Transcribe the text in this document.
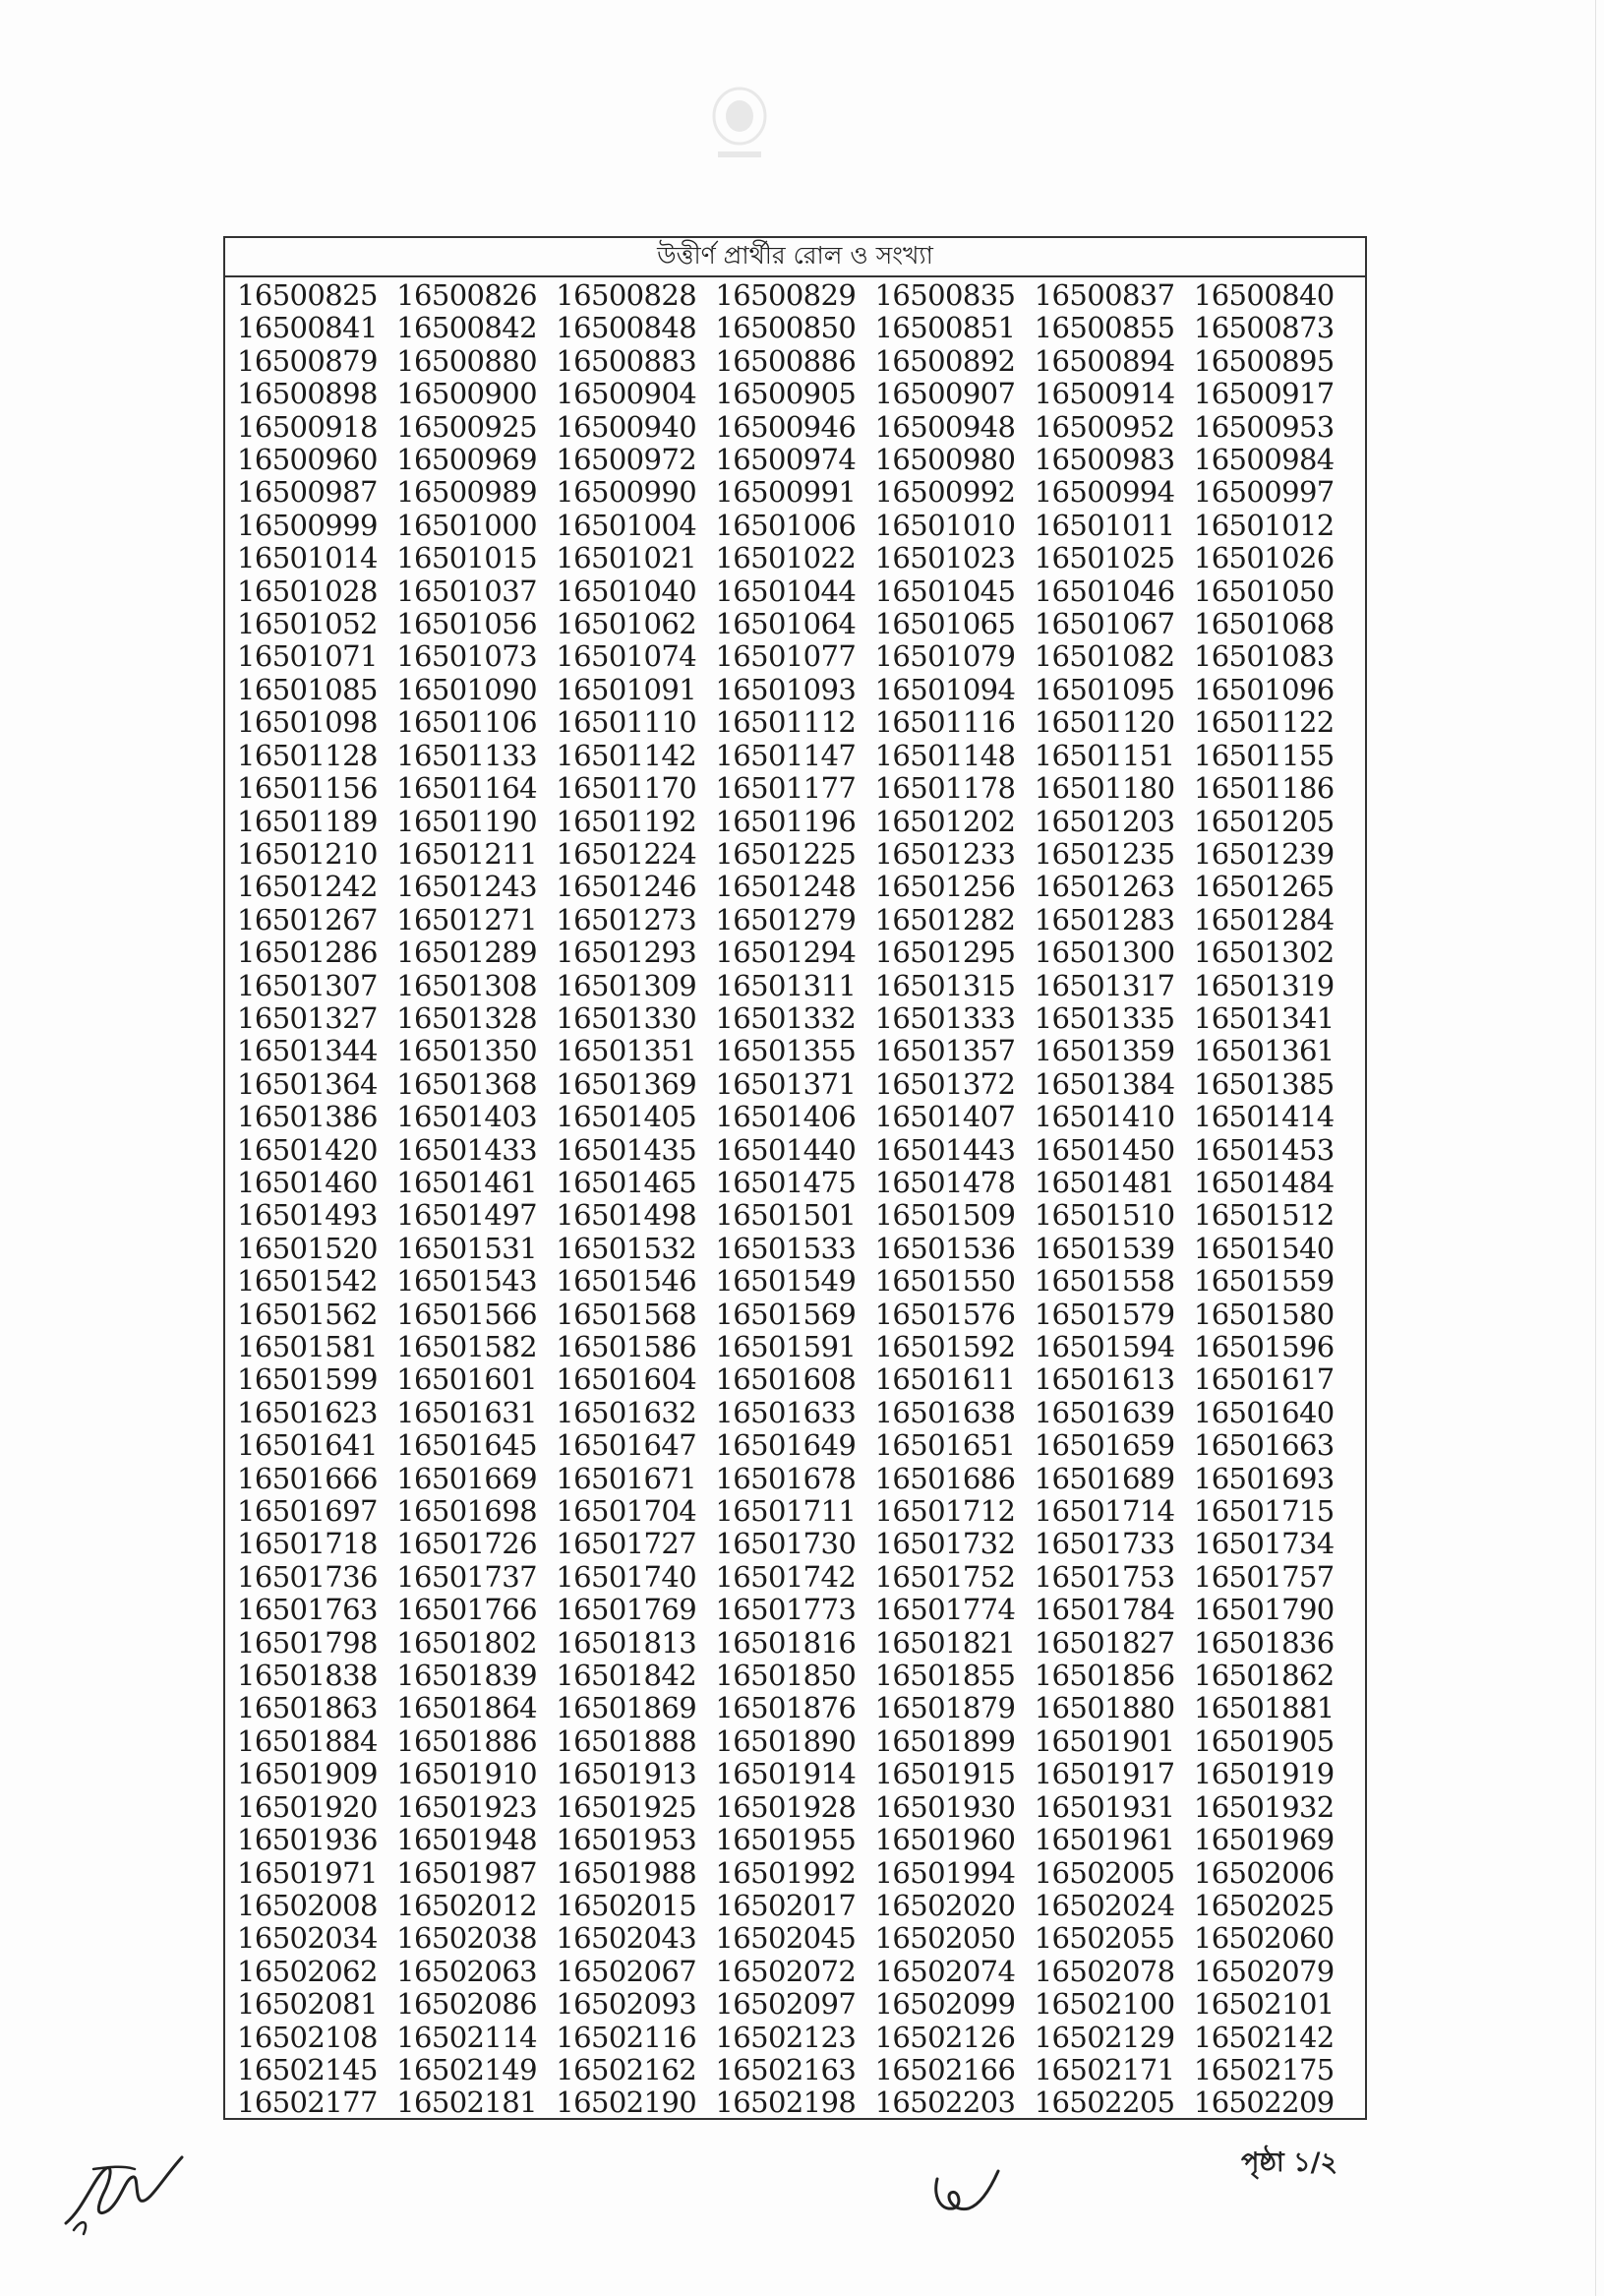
উত্তীর্ণ প্রার্থীর রোল ও সংখ্যা
16500825 16500826 16500828 16500829 16500835 16500837 16500840
16500841 16500842 16500848 16500850 16500851 16500855 16500873
16500879 16500880 16500883 16500886 16500892 16500894 16500895
16500898 16500900 16500904 16500905 16500907 16500914 16500917
16500918 16500925 16500940 16500946 16500948 16500952 16500953
16500960 16500969 16500972 16500974 16500980 16500983 16500984
16500987 16500989 16500990 16500991 16500992 16500994 16500997
16500999 16501000 16501004 16501006 16501010 16501011 16501012
16501014 16501015 16501021 16501022 16501023 16501025 16501026
16501028 16501037 16501040 16501044 16501045 16501046 16501050
16501052 16501056 16501062 16501064 16501065 16501067 16501068
16501071 16501073 16501074 16501077 16501079 16501082 16501083
16501085 16501090 16501091 16501093 16501094 16501095 16501096
16501098 16501106 16501110 16501112 16501116 16501120 16501122
16501128 16501133 16501142 16501147 16501148 16501151 16501155
16501156 16501164 16501170 16501177 16501178 16501180 16501186
16501189 16501190 16501192 16501196 16501202 16501203 16501205
16501210 16501211 16501224 16501225 16501233 16501235 16501239
16501242 16501243 16501246 16501248 16501256 16501263 16501265
16501267 16501271 16501273 16501279 16501282 16501283 16501284
16501286 16501289 16501293 16501294 16501295 16501300 16501302
16501307 16501308 16501309 16501311 16501315 16501317 16501319
16501327 16501328 16501330 16501332 16501333 16501335 16501341
16501344 16501350 16501351 16501355 16501357 16501359 16501361
16501364 16501368 16501369 16501371 16501372 16501384 16501385
16501386 16501403 16501405 16501406 16501407 16501410 16501414
16501420 16501433 16501435 16501440 16501443 16501450 16501453
16501460 16501461 16501465 16501475 16501478 16501481 16501484
16501493 16501497 16501498 16501501 16501509 16501510 16501512
16501520 16501531 16501532 16501533 16501536 16501539 16501540
16501542 16501543 16501546 16501549 16501550 16501558 16501559
16501562 16501566 16501568 16501569 16501576 16501579 16501580
16501581 16501582 16501586 16501591 16501592 16501594 16501596
16501599 16501601 16501604 16501608 16501611 16501613 16501617
16501623 16501631 16501632 16501633 16501638 16501639 16501640
16501641 16501645 16501647 16501649 16501651 16501659 16501663
16501666 16501669 16501671 16501678 16501686 16501689 16501693
16501697 16501698 16501704 16501711 16501712 16501714 16501715
16501718 16501726 16501727 16501730 16501732 16501733 16501734
16501736 16501737 16501740 16501742 16501752 16501753 16501757
16501763 16501766 16501769 16501773 16501774 16501784 16501790
16501798 16501802 16501813 16501816 16501821 16501827 16501836
16501838 16501839 16501842 16501850 16501855 16501856 16501862
16501863 16501864 16501869 16501876 16501879 16501880 16501881
16501884 16501886 16501888 16501890 16501899 16501901 16501905
16501909 16501910 16501913 16501914 16501915 16501917 16501919
16501920 16501923 16501925 16501928 16501930 16501931 16501932
16501936 16501948 16501953 16501955 16501960 16501961 16501969
16501971 16501987 16501988 16501992 16501994 16502005 16502006
16502008 16502012 16502015 16502017 16502020 16502024 16502025
16502034 16502038 16502043 16502045 16502050 16502055 16502060
16502062 16502063 16502067 16502072 16502074 16502078 16502079
16502081 16502086 16502093 16502097 16502099 16502100 16502101
16502108 16502114 16502116 16502123 16502126 16502129 16502142
16502145 16502149 16502162 16502163 16502166 16502171 16502175
16502177 16502181 16502190 16502198 16502203 16502205 16502209
পৃষ্ঠা ১/২
